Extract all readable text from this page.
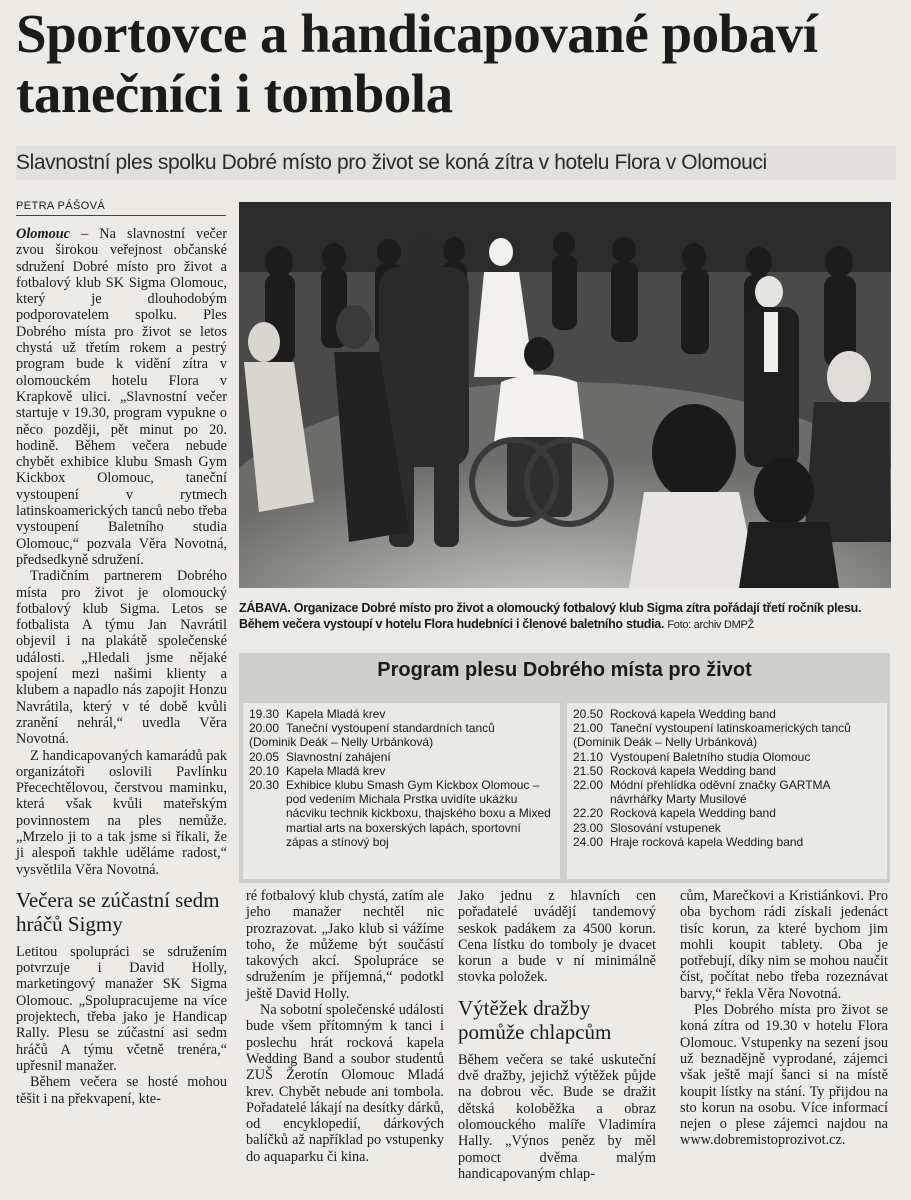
Sportovce a handicapované pobaví tanečníci i tombola
Slavnostní ples spolku Dobré místo pro život se koná zítra v hotelu Flora v Olomouci
PETRA PÁŠOVÁ

Olomouc – Na slavnostní večer zvou širokou veřejnost občanské sdružení Dobré místo pro život a fotbalový klub SK Sigma Olomouc, který je dlouhodobým podporovatelem spolku. Ples Dobrého místa pro život se letos chystá už třetím rokem a pestrý program bude k vidění zítra v olomouckém hotelu Flora v Krapkově ulici. „Slavnostní večer startuje v 19.30, program vypukne o něco později, pět minut po 20. hodině. Během večera nebude chybět exhibice klubu Smash Gym Kickbox Olomouc, taneční vystoupení v rytmech latinskoamerických tanců nebo třeba vystoupení Baletního studia Olomouc,“ pozvala Věra Novotná, předsedkyně sdružení.

Tradičním partnerem Dobrého místa pro život je olomoucký fotbalový klub Sigma. Letos se fotbalista A týmu Jan Navrátil objevil i na plakátě společenské události. „Hledali jsme nějaké spojení mezi našimi klienty a klubem a napadlo nás zapojit Honzu Navrátila, který v té době kvůli zranění nehrál,“ uvedla Věra Novotná.

Z handicapovaných kamarádů pak organizátoři oslovili Pavlínku Přecechtělovou, čerstvou maminku, která však kvůli mateřským povinnostem na ples nemůže. „Mrzelo ji to a tak jsme si říkali, že ji alespoň takhle uděláme radost,“ vysvětlila Věra Novotná.

Večera se zúčastní sedm hráčů Sigmy

Letitou spolupráci se sdružením potvrzuje i David Holly, marketingový manažer SK Sigma Olomouc. „Spolupracujeme na více projektech, třeba jako je Handicap Rally. Plesu se zúčastní asi sedm hráčů A týmu včetně trenéra,“ upřesnil manažer.

Během večera se hosté mohou těšit i na překvapení, kte-

ZÁBAVA. Organizace Dobré místo pro život a olomoucký fotbalový klub Sigma zítra pořádají třetí ročník plesu. Během večera vystoupí v hotelu Flora hudebníci i členové baletního studia. Foto: archiv DMPŽ
Program plesu Dobrého místa pro život
19.30 Kapela Mladá krev
20.00 Taneční vystoupení standardních tanců
(Dominik Deák – Nelly Urbánková)
20.05 Slavnostní zahájení
20.10 Kapela Mladá krev
20.30 Exhibice klubu Smash Gym Kickbox Olomouc – pod vedením Michala Prstka uvidíte ukázku nácviku technik kickboxu, thajského boxu a Mixed martial arts na boxerských lapách, sportovní zápas a stínový boj
20.50 Rocková kapela Wedding band
21.00 Taneční vystoupení latinskoamerických tanců
(Dominik Deák – Nelly Urbánková)
21.10 Vystoupení Baletního studia Olomouc
21.50 Rocková kapela Wedding band
22.00 Módní přehlídka oděvní značky GARTMA návrhářky Marty Musilové
22.20 Rocková kapela Wedding band
23.00 Slosování vstupenek
24.00 Hraje rocková kapela Wedding band

ré fotbalový klub chystá, zatím ale jeho manažer nechtěl nic prozrazovat. „Jako klub si vážíme toho, že můžeme být součástí takových akcí. Spolupráce se sdružením je příjemná,“ podotkl ještě David Holly.

Na sobotní společenské události bude všem přítomným k tanci i poslechu hrát rocková kapela Wedding Band a soubor studentů ZUŠ Žerotín Olomouc Mladá krev. Chybět nebude ani tombola. Pořadatelé lákají na desítky dárků, od encyklopedií, dárkových balíčků až například po vstupenky do aquaparku či kina.

Jako jednu z hlavních cen pořadatelé uvádějí tandemový seskok padákem za 4500 korun. Cena lístku do tomboly je dvacet korun a bude v ní minimálně stovka položek.

Výtěžek dražby pomůže chlapcům

Během večera se také uskuteční dvě dražby, jejichž výtěžek půjde na dobrou věc. Bude se dražit dětská koloběžka a obraz olomouckého malíře Vladimíra Hally. „Výnos peněz by měl pomoct dvěma malým handicapovaným chlap-

cům, Marečkovi a Kristiánkovi. Pro oba bychom rádi získali jedenáct tisíc korun, za které bychom jim mohli koupit tablety. Oba je potřebují, díky nim se mohou naučit číst, počítat nebo třeba rozeznávat barvy,“ řekla Věra Novotná.

Ples Dobrého místa pro život se koná zítra od 19.30 v hotelu Flora Olomouc. Vstupenky na sezení jsou už beznadějně vyprodané, zájemci však ještě mají šanci si na místě koupit lístky na stání. Ty přijdou na sto korun na osobu. Více informací nejen o plese zájemci najdou na www.dobremistoprozivot.cz.
